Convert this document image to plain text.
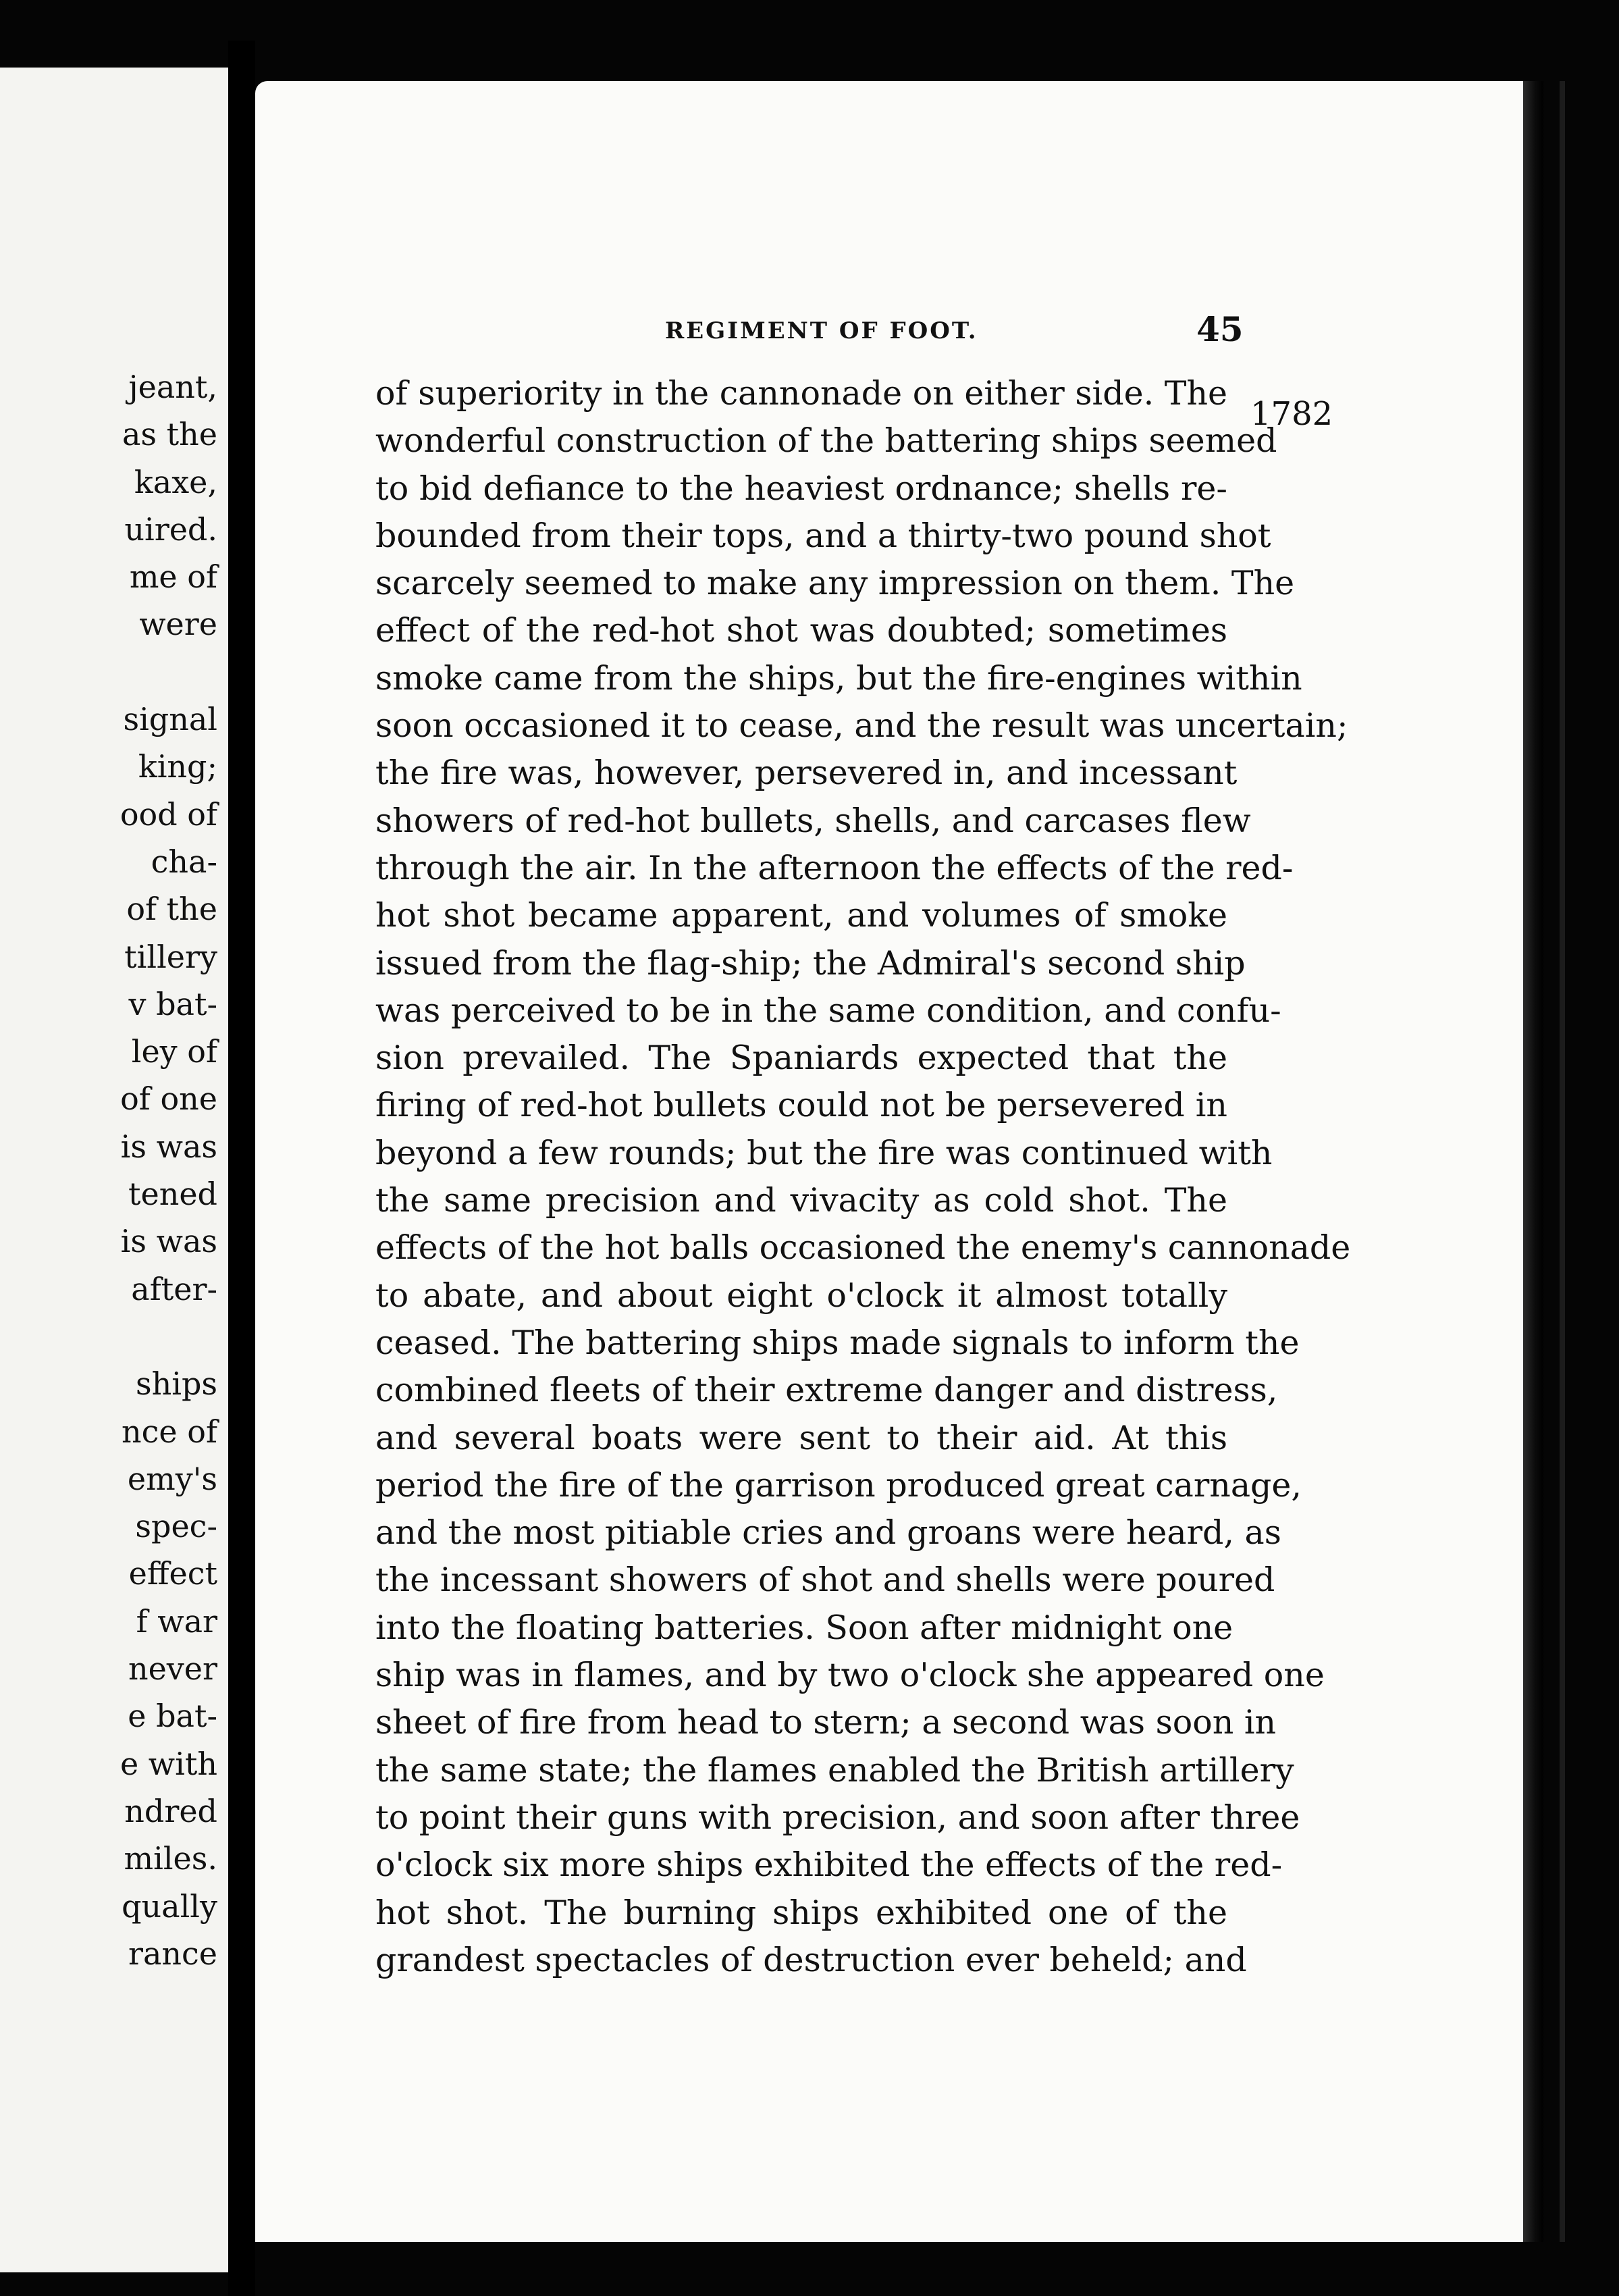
jeant,
as the
kaxe,
uired.
me of
were
signal
king;
ood of
cha-
of the
tillery
v bat-
ley of
of one
is was
tened
is was
after-
ships
nce of
emy's
spec-
effect
f war
never
e bat-
e with
ndred
miles.
qually
rance
REGIMENT OF FOOT.	45
1782
of superiority in the cannonade on either side. The
wonderful construction of the battering ships seemed
to bid defiance to the heaviest ordnance; shells re-
bounded from their tops, and a thirty-two pound shot
scarcely seemed to make any impression on them. The
effect of the red-hot shot was doubted; sometimes
smoke came from the ships, but the fire-engines within
soon occasioned it to cease, and the result was uncertain;
the fire was, however, persevered in, and incessant
showers of red-hot bullets, shells, and carcases flew
through the air. In the afternoon the effects of the red-
hot shot became apparent, and volumes of smoke
issued from the flag-ship; the Admiral's second ship
was perceived to be in the same condition, and confu-
sion prevailed. The Spaniards expected that the
firing of red-hot bullets could not be persevered in
beyond a few rounds; but the fire was continued with
the same precision and vivacity as cold shot. The
effects of the hot balls occasioned the enemy's cannonade
to abate, and about eight o'clock it almost totally
ceased. The battering ships made signals to inform the
combined fleets of their extreme danger and distress,
and several boats were sent to their aid. At this
period the fire of the garrison produced great carnage,
and the most pitiable cries and groans were heard, as
the incessant showers of shot and shells were poured
into the floating batteries. Soon after midnight one
ship was in flames, and by two o'clock she appeared one
sheet of fire from head to stern; a second was soon in
the same state; the flames enabled the British artillery
to point their guns with precision, and soon after three
o'clock six more ships exhibited the effects of the red-
hot shot. The burning ships exhibited one of the
grandest spectacles of destruction ever beheld; and
